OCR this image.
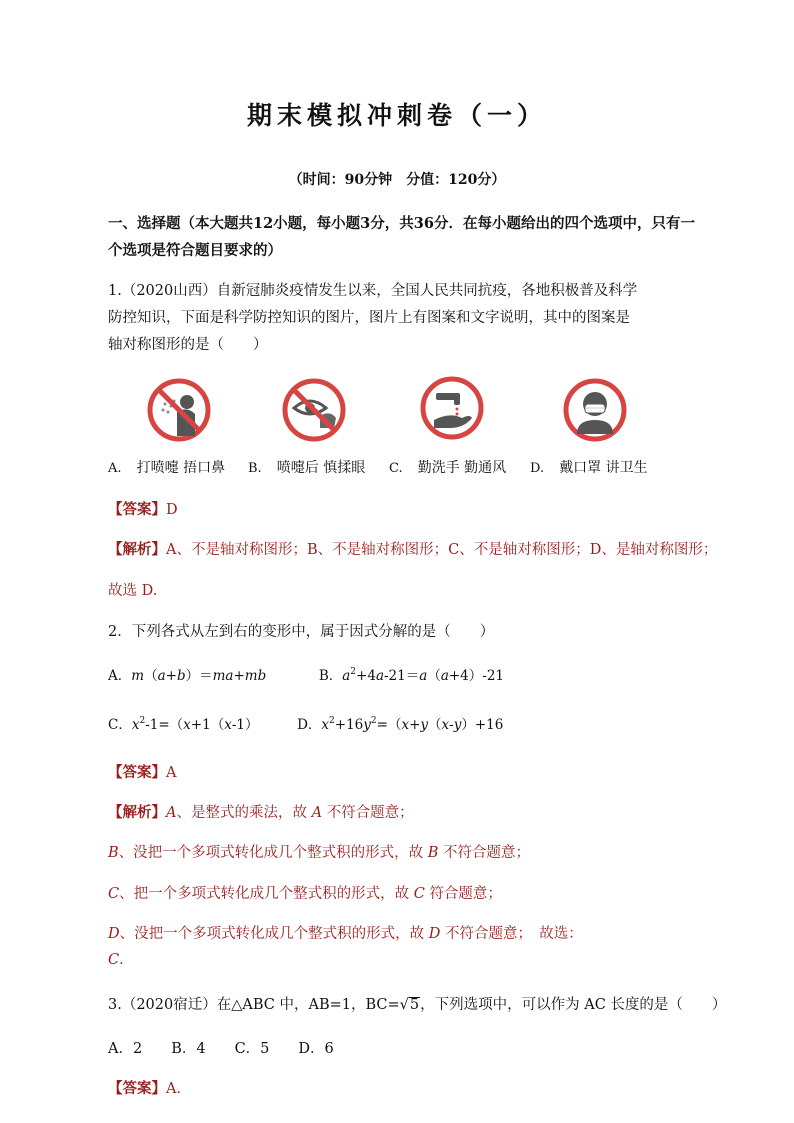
期末模拟冲刺卷（一）
（时间：90分钟　分值：120分）
一、选择题（本大题共12小题，每小题3分，共36分．在每小题给出的四个选项中，只有一
个选项是符合题目要求的）
1.（2020山西）自新冠肺炎疫情发生以来，全国人民共同抗疫，各地积极普及科学
防控知识，下面是科学防控知识的图片，图片上有图案和文字说明，其中的图案是
轴对称图形的是（　　）
A. 打喷嚏 捂口鼻 B. 喷嚏后 慎揉眼 C. 勤洗手 勤通风 D. 戴口罩 讲卫生
【答案】D
【解析】A、不是轴对称图形；B、不是轴对称图形；C、不是轴对称图形；D、是轴对称图形；
故选 D.
2．下列各式从左到右的变形中，属于因式分解的是（　　）
A．m（a+b）＝ma+mb	B．$a^2+4a-21=a(a+4)-21$
C．$x^2-1=(x+1(x-1)$	D．$x^2+16y^2=(x+y(x-y)+16$
【答案】A
【解析】A、是整式的乘法，故 A 不符合题意；
B、没把一个多项式转化成几个整式积的形式，故 B 不符合题意；
C、把一个多项式转化成几个整式积的形式，故 C 符合题意；
D、没把一个多项式转化成几个整式积的形式，故 D 不符合题意；　故选：
C．
3.（2020宿迁）在△ABC 中，AB=1，BC=√5，下列选项中，可以作为 AC 长度的是（　　）
A．2　　B．4　　C．5　　D．6
【答案】A．
